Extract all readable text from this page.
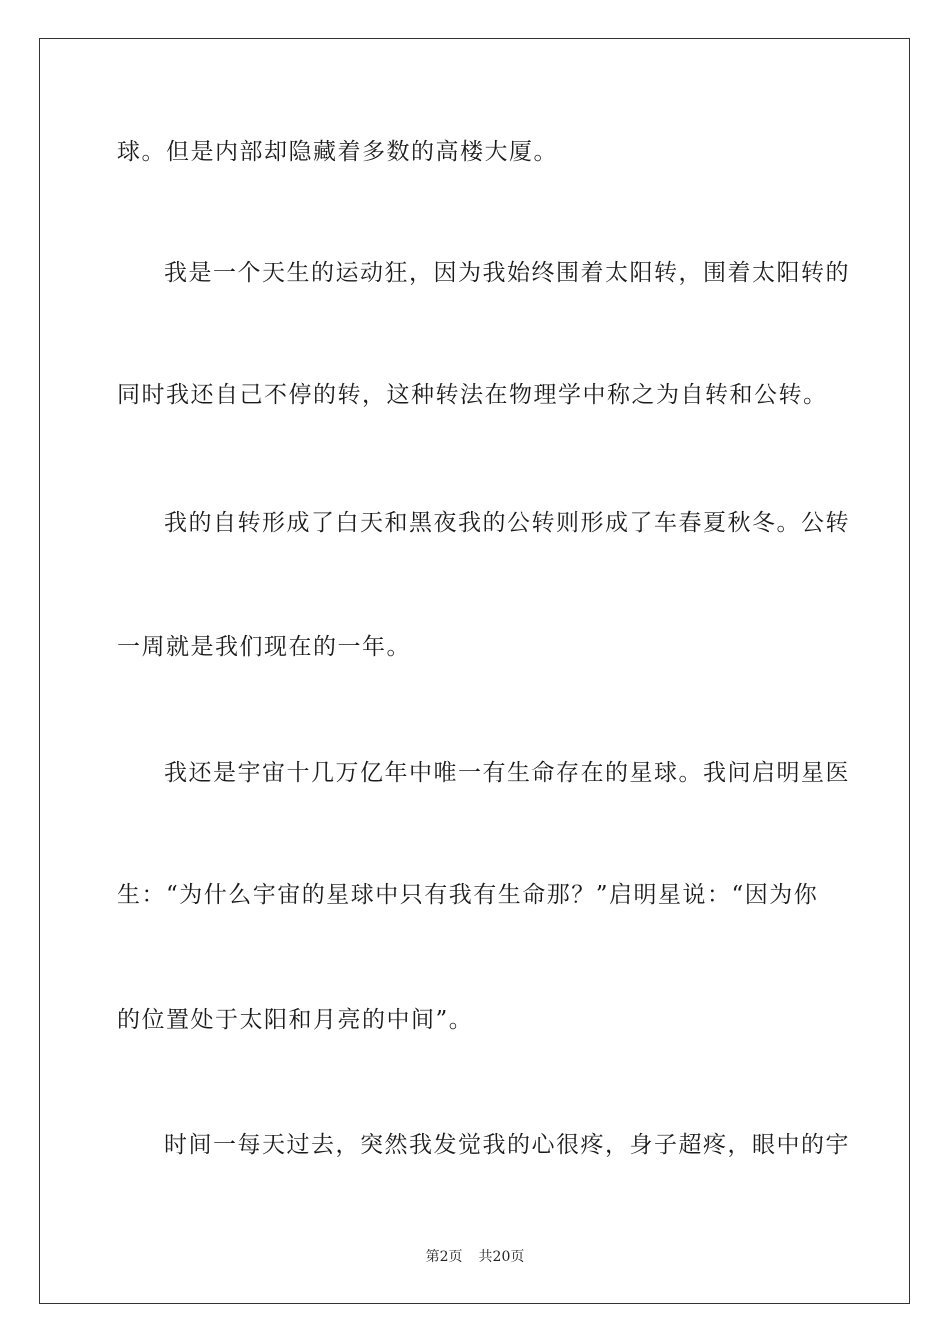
球。但是内部却隐藏着多数的高楼大厦。
我是一个天生的运动狂，因为我始终围着太阳转，围着太阳转的
同时我还自己不停的转，这种转法在物理学中称之为自转和公转。
我的自转形成了白天和黑夜我的公转则形成了车春夏秋冬。公转
一周就是我们现在的一年。
我还是宇宙十几万亿年中唯一有生命存在的星球。我问启明星医
生：“为什么宇宙的星球中只有我有生命那？”启明星说：“因为你
的位置处于太阳和月亮的中间”。
时间一每天过去，突然我发觉我的心很疼，身子超疼，眼中的宇
第2页 共20页
